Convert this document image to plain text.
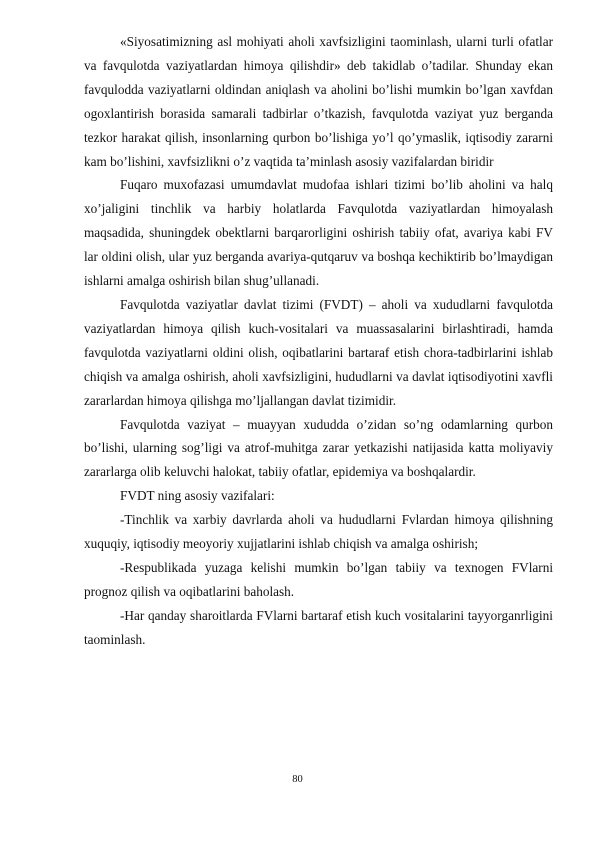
«Siyosatimizning asl mohiyati aholi xavfsizligini taominlash, ularni turli ofatlar va favqulotda vaziyatlardan himoya qilishdir» deb takidlab o’tadilar. Shunday ekan favqulodda vaziyatlarni oldindan aniqlash va aholini bo’lishi mumkin bo’lgan xavfdan ogoxlantirish borasida samarali tadbirlar o’tkazish, favqulotda vaziyat yuz berganda tezkor harakat qilish, insonlarning qurbon bo’lishiga yo’l qo’ymaslik, iqtisodiy zararni kam bo’lishini, xavfsizlikni o’z vaqtida ta’minlash asosiy vazifalardan biridir

Fuqaro muxofazasi umumdavlat mudofaa ishlari tizimi bo’lib aholini va halq xo’jaligini tinchlik va harbiy holatlarda Favqulotda vaziyatlardan himoyalash maqsadida, shuningdek obektlarni barqarorligini oshirish tabiiy ofat, avariya kabi FV lar oldini olish, ular yuz berganda avariya-qutqaruv va boshqa kechiktirib bo’lmaydigan ishlarni amalga oshirish bilan shug’ullanadi.

Favqulotda vaziyatlar davlat tizimi (FVDT) – aholi va xududlarni favqulotda vaziyatlardan himoya qilish kuch-vositalari va muassasalarini birlashtiradi, hamda favqulotda vaziyatlarni oldini olish, oqibatlarini bartaraf etish chora-tadbirlarini ishlab chiqish va amalga oshirish, aholi xavfsizligini, hududlarni va davlat iqtisodiyotini xavfli zararlardan himoya qilishga mo’ljallangan davlat tizimidir.

Favqulotda vaziyat – muayyan xududda o’zidan so’ng odamlarning qurbon bo’lishi, ularning sog’ligi va atrof-muhitga zarar yetkazishi natijasida katta moliyaviy zararlarga olib keluvchi halokat, tabiiy ofatlar, epidemiya va boshqalardir.

FVDT ning asosiy vazifalari:

-Tinchlik va xarbiy davrlarda aholi va hududlarni Fvlardan himoya qilishning xuquqiy, iqtisodiy meoyoriy xujjatlarini ishlab chiqish va amalga oshirish;

-Respublikada yuzaga kelishi mumkin bo’lgan tabiiy va texnogen FVlarni prognoz qilish va oqibatlarini baholash.

-Har qanday sharoitlarda FVlarni bartaraf etish kuch vositalarini tayyorganrligini taominlash.

80
